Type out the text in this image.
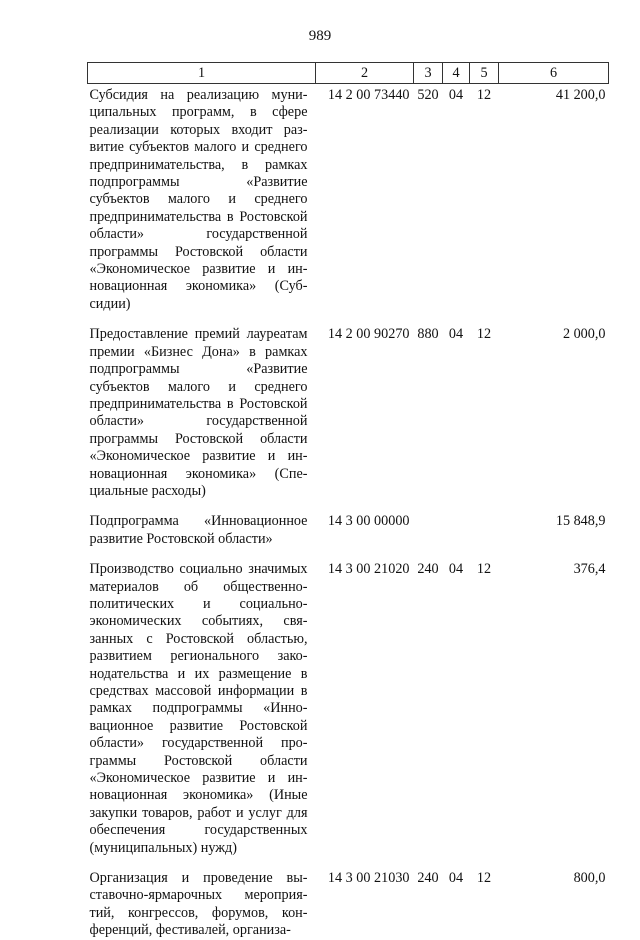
989
1	2	3	4	5	6
Субсидия на реализацию муниципальных программ, в сфере реализации которых входит развитие субъектов малого и среднего предпринимательства, в рамках подпрограммы «Развитие субъектов малого и среднего предпринимательства в Ростовской области» государственной программы Ростовской области «Экономическое развитие и инновационная экономика» (Субсидии)	14 2 00 73440	520	04	12	41 200,0
Предоставление премий лауреатам премии «Бизнес Дона» в рамках подпрограммы «Развитие субъектов малого и среднего предпринимательства в Ростовской области» государственной программы Ростовской области «Экономическое развитие и инновационная экономика» (Специальные расходы)	14 2 00 90270	880	04	12	2 000,0
Подпрограмма «Инновационное развитие Ростовской области»	14 3 00 00000				15 848,9
Производство социально значимых материалов об общественно-политических и социально-экономических событиях, связанных с Ростовской областью, развитием регионального законодательства и их размещение в средствах массовой информации в рамках подпрограммы «Инновационное развитие Ростовской области» государственной программы Ростовской области «Экономическое развитие и инновационная экономика» (Иные закупки товаров, работ и услуг для обеспечения государственных (муниципальных) нужд)	14 3 00 21020	240	04	12	376,4
Организация и проведение выставочно-ярмарочных мероприятий, конгрессов, форумов, конференций, фестивалей, организа-	14 3 00 21030	240	04	12	800,0
